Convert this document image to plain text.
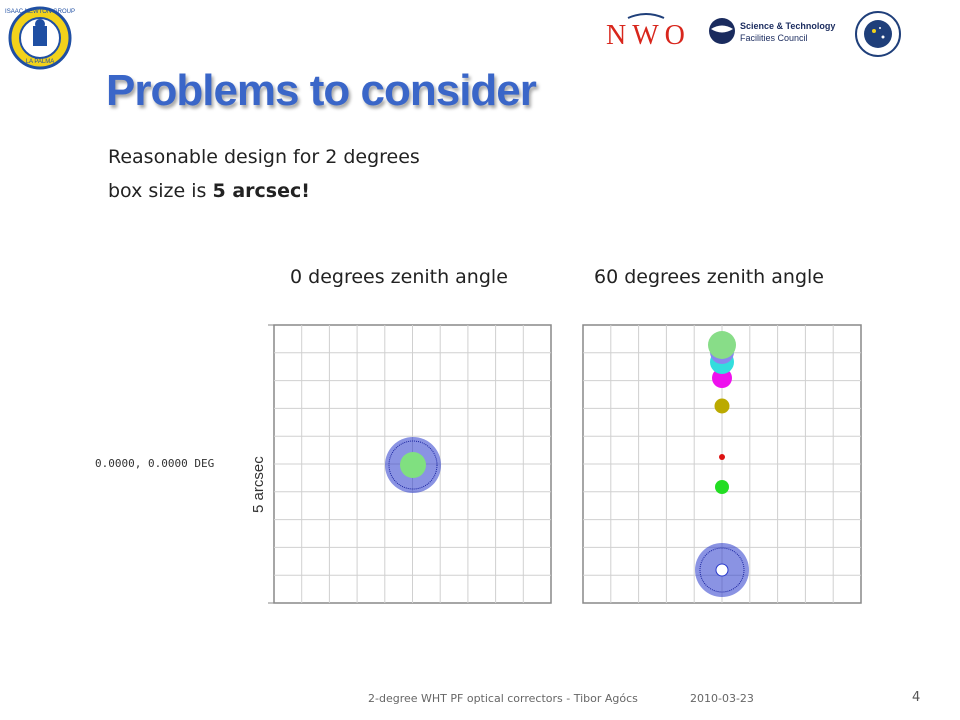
ISAAC NEWTON GROUP
LA PALMA
NWO	Science & Technology
Facilities Council
Problems to consider
Reasonable design for 2 degrees
box size is 5 arcsec!
0 degrees zenith angle	60 degrees zenith angle
0.0000, 0.0000 DEG 5 arcsec
2-degree WHT PF optical correctors - Tibor Agócs	2010-03-23	4
